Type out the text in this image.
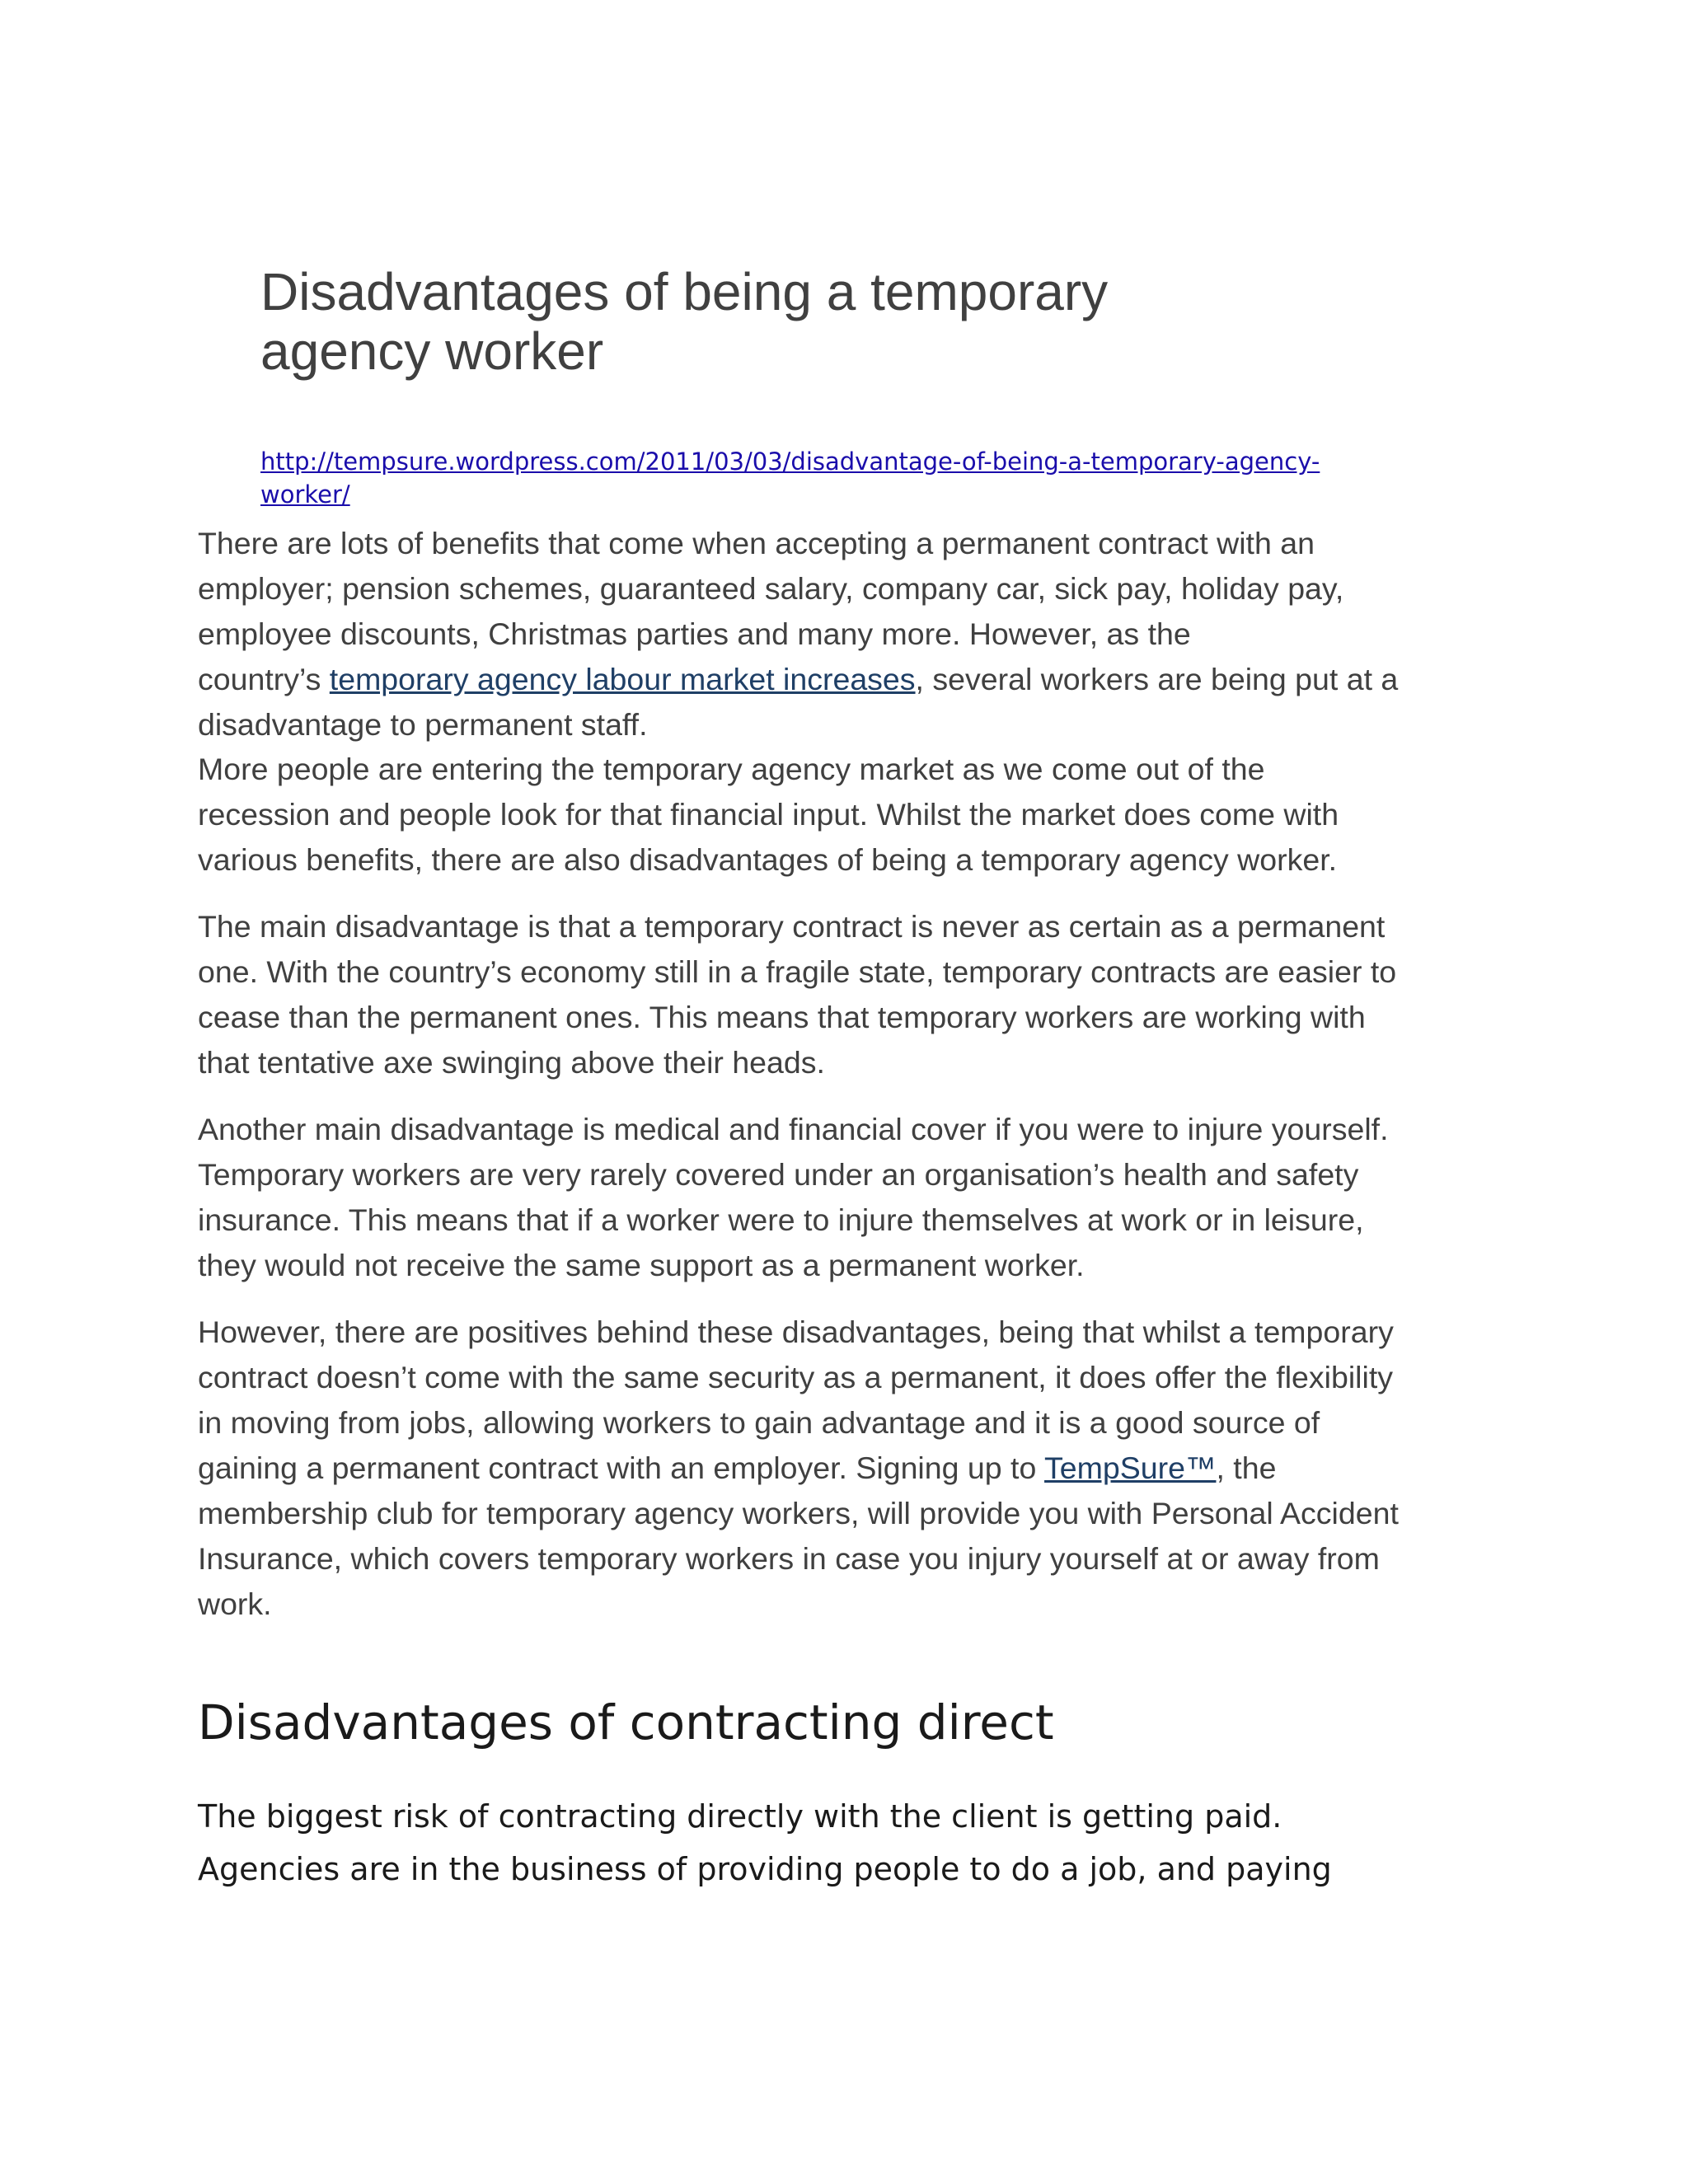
Disadvantages of being a temporary
agency worker
http://tempsure.wordpress.com/2011/03/03/disadvantage-of-being-a-temporary-agency-
worker/
There are lots of benefits that come when accepting a permanent contract with an
employer; pension schemes, guaranteed salary, company car, sick pay, holiday pay,
employee discounts, Christmas parties and many more. However, as the
country’s temporary agency labour market increases, several workers are being put at a
disadvantage to permanent staff.
More people are entering the temporary agency market as we come out of the
recession and people look for that financial input. Whilst the market does come with
various benefits, there are also disadvantages of being a temporary agency worker.
The main disadvantage is that a temporary contract is never as certain as a permanent
one. With the country’s economy still in a fragile state, temporary contracts are easier to
cease than the permanent ones. This means that temporary workers are working with
that tentative axe swinging above their heads.
Another main disadvantage is medical and financial cover if you were to injure yourself.
Temporary workers are very rarely covered under an organisation’s health and safety
insurance. This means that if a worker were to injure themselves at work or in leisure,
they would not receive the same support as a permanent worker.
However, there are positives behind these disadvantages, being that whilst a temporary
contract doesn’t come with the same security as a permanent, it does offer the flexibility
in moving from jobs, allowing workers to gain advantage and it is a good source of
gaining a permanent contract with an employer. Signing up to TempSure™, the
membership club for temporary agency workers, will provide you with Personal Accident
Insurance, which covers temporary workers in case you injury yourself at or away from
work.
Disadvantages of contracting direct
The biggest risk of contracting directly with the client is getting paid.
Agencies are in the business of providing people to do a job, and paying
